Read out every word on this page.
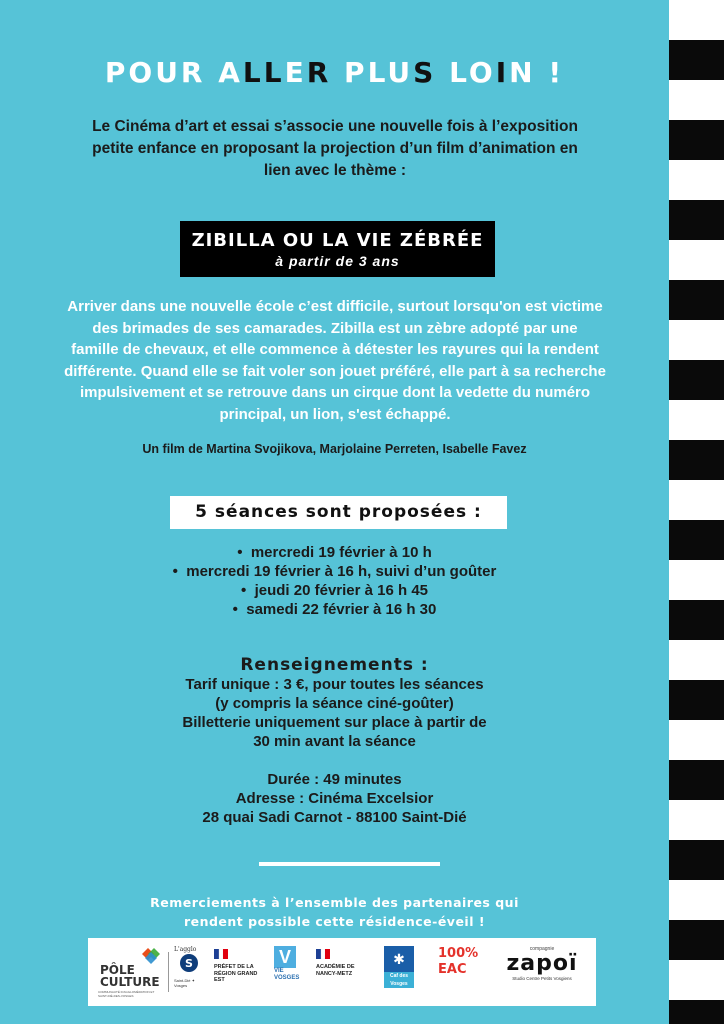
POUR ALLER PLUS LOIN !
Le Cinéma d’art et essai s’associe une nouvelle fois à l’exposition
petite enfance en proposant la projection d’un film d’animation en
lien avec le thème :
ZIBILLA OU LA VIE ZÉBRÉE
à partir de 3 ans
Arriver dans une nouvelle école c’est difficile, surtout lorsqu'on est victime
des brimades de ses camarades. Zibilla est un zèbre adopté par une
famille de chevaux, et elle commence à détester les rayures qui la rendent
différente. Quand elle se fait voler son jouet préféré, elle part à sa recherche
impulsivement et se retrouve dans un cirque dont la vedette du numéro
principal, un lion, s'est échappé.
Un film de Martina Svojikova, Marjolaine Perreten, Isabelle Favez
5 séances sont proposées :
•  mercredi 19 février à 10 h
•  mercredi 19 février à 16 h, suivi d’un goûter
•  jeudi 20 février à 16 h 45
•  samedi 22 février à 16 h 30
Renseignements :
Tarif unique : 3 €, pour toutes les séances
(y compris la séance ciné-goûter)
Billetterie uniquement sur place à partir de
30 min avant la séance
Durée : 49 minutes
Adresse : Cinéma Excelsior
28 quai Sadi Carnot - 88100 Saint-Dié
Remerciements à l’ensemble des partenaires qui
rendent possible cette résidence-éveil !
PÔLE CULTURE
COMMUNAUTÉ D'AGGLOMÉRATION ET SAINT-DIÉ-DES-VOSGES
L'agglo
S
Saint-Dié ✦ Vosges
PRÉFET DE LA RÉGION GRAND EST
V
VIE VOSGES
ACADÉMIE DE NANCY-METZ
✱
Caf des Vosges
100% EAC
compagnie
zapoï
Studio Centre Petits Vosgiens
